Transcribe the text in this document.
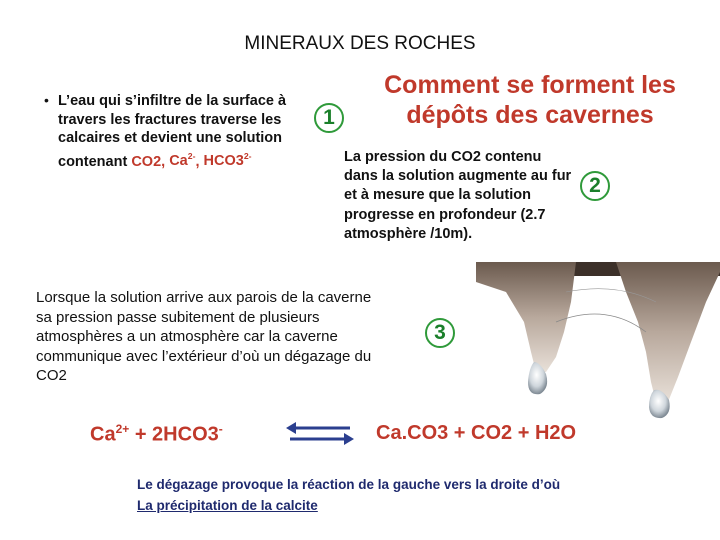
MINERAUX DES ROCHES
• L’eau qui s’infiltre de la surface à travers les fractures traverse les calcaires et devient une solution contenant CO2, $Ca^{2-}$, $HCO3^{2-}$
1
Comment se forment les dépôts des cavernes
La pression du CO2 contenu dans la solution augmente au fur et à mesure que la solution progresse en profondeur (2.7 atmosphère /10m).
2
Lorsque la solution arrive aux parois de la caverne sa pression passe subitement de plusieurs atmosphères a un atmosphère car la caverne communique avec l’extérieur d’où un dégazage du CO2
3
$Ca^{2+} + 2HCO3^-$	Ca.CO3 + CO2 + H2O
Le dégazage provoque la réaction de la gauche vers la droite d’où
La précipitation de la calcite
